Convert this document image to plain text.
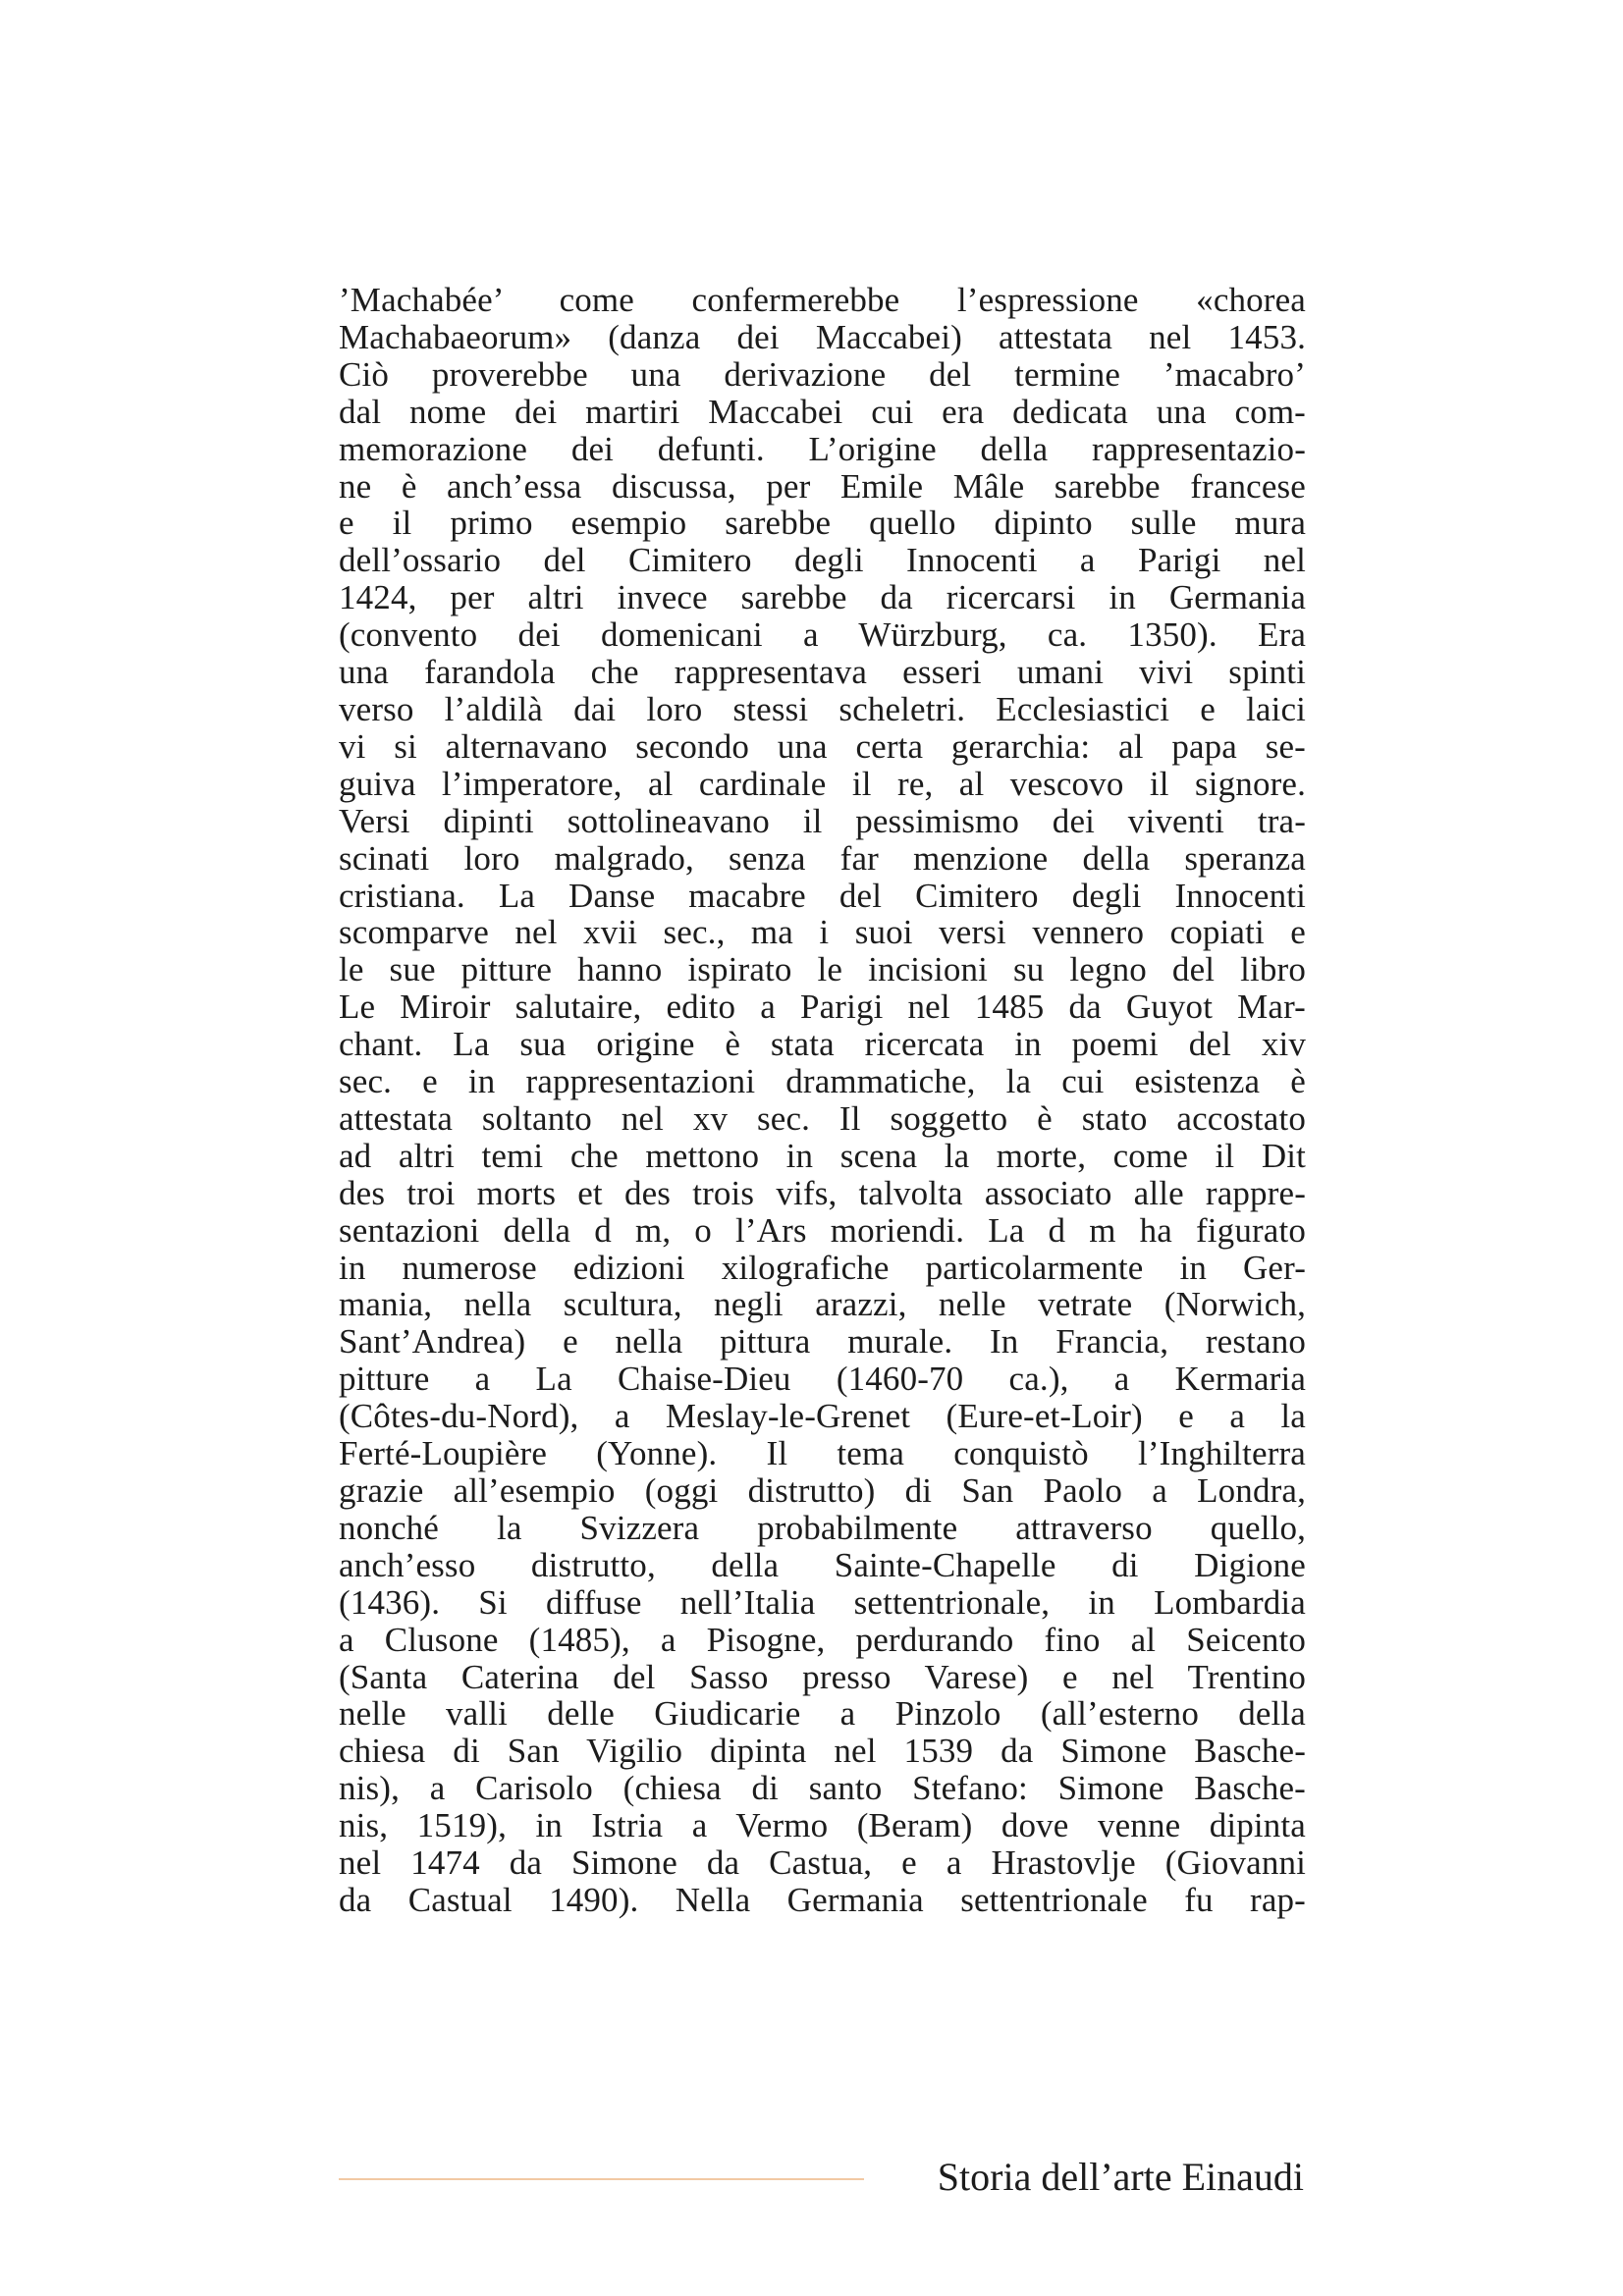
’Machabée’ come confermerebbe l’espressione «chorea
Machabaeorum» (danza dei Maccabei) attestata nel 1453.
Ciò proverebbe una derivazione del termine ’macabro’
dal nome dei martiri Maccabei cui era dedicata una com-
memorazione dei defunti. L’origine della rappresentazio-
ne è anch’essa discussa, per Emile Mâle sarebbe francese
e il primo esempio sarebbe quello dipinto sulle mura
dell’ossario del Cimitero degli Innocenti a Parigi nel
1424, per altri invece sarebbe da ricercarsi in Germania
(convento dei domenicani a Würzburg, ca. 1350). Era
una farandola che rappresentava esseri umani vivi spinti
verso l’aldilà dai loro stessi scheletri. Ecclesiastici e laici
vi si alternavano secondo una certa gerarchia: al papa se-
guiva l’imperatore, al cardinale il re, al vescovo il signore.
Versi dipinti sottolineavano il pessimismo dei viventi tra-
scinati loro malgrado, senza far menzione della speranza
cristiana. La Danse macabre del Cimitero degli Innocenti
scomparve nel xvii sec., ma i suoi versi vennero copiati e
le sue pitture hanno ispirato le incisioni su legno del libro
Le Miroir salutaire, edito a Parigi nel 1485 da Guyot Mar-
chant. La sua origine è stata ricercata in poemi del xiv
sec. e in rappresentazioni drammatiche, la cui esistenza è
attestata soltanto nel xv sec. Il soggetto è stato accostato
ad altri temi che mettono in scena la morte, come il Dit
des troi morts et des trois vifs, talvolta associato alle rappre-
sentazioni della d m, o l’Ars moriendi. La d m ha figurato
in numerose edizioni xilografiche particolarmente in Ger-
mania, nella scultura, negli arazzi, nelle vetrate (Norwich,
Sant’Andrea) e nella pittura murale. In Francia, restano
pitture a La Chaise-Dieu (1460-70 ca.), a Kermaria
(Côtes-du-Nord), a Meslay-le-Grenet (Eure-et-Loir) e a la
Ferté-Loupière (Yonne). Il tema conquistò l’Inghilterra
grazie all’esempio (oggi distrutto) di San Paolo a Londra,
nonché la Svizzera probabilmente attraverso quello,
anch’esso distrutto, della Sainte-Chapelle di Digione
(1436). Si diffuse nell’Italia settentrionale, in Lombardia
a Clusone (1485), a Pisogne, perdurando fino al Seicento
(Santa Caterina del Sasso presso Varese) e nel Trentino
nelle valli delle Giudicarie a Pinzolo (all’esterno della
chiesa di San Vigilio dipinta nel 1539 da Simone Basche-
nis), a Carisolo (chiesa di santo Stefano: Simone Basche-
nis, 1519), in Istria a Vermo (Beram) dove venne dipinta
nel 1474 da Simone da Castua, e a Hrastovlje (Giovanni
da Castual 1490). Nella Germania settentrionale fu rap-
Storia dell’arte Einaudi
